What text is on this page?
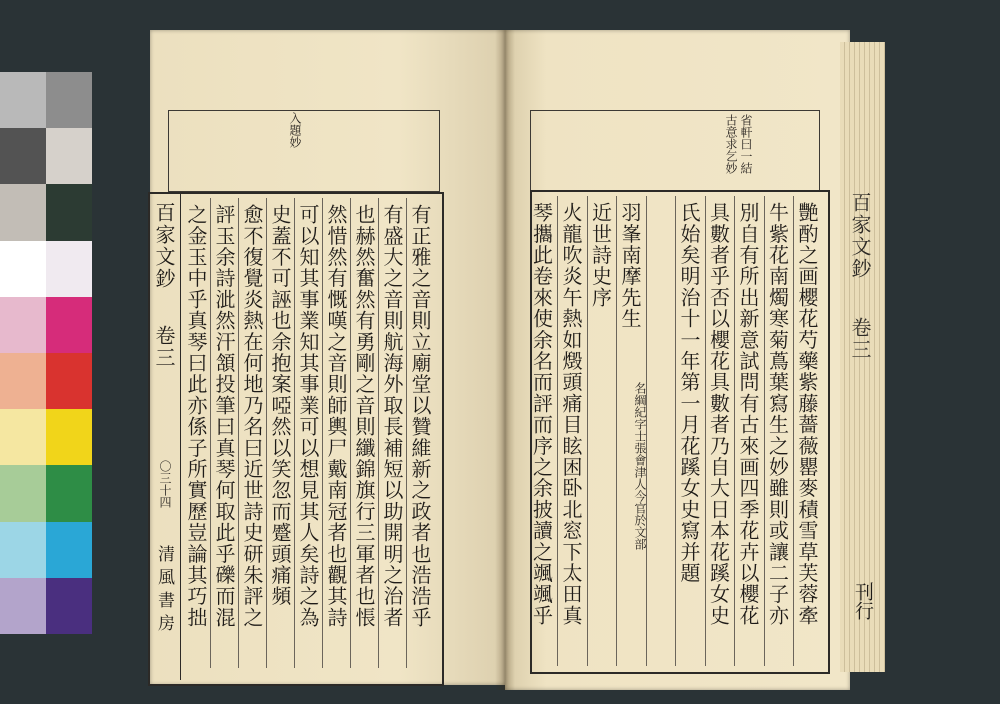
入題妙
百家文鈔
卷三
〇三十四
清風書房	有正雅之音則立廟堂以贊維新之政者也浩浩乎
有盛大之音則航海外取長補短以助開明之治者
也赫然奮然有勇剛之音則纖錦旗行三軍者也悵
然惜然有慨嘆之音則師輿尸戴南冠者也觀其詩
可以知其事業知其事業可以想見其人矣詩之為
史蓋不可誣也余抱案啞然以笑忽而蹙頭痛頻
愈不復覺炎熱在何地乃名曰近世詩史研朱評之
評玉余詩泚然汗頷投筆曰真琴何取此乎礫而混
之金玉中乎真琴曰此亦係子所實歷豈論其巧拙
省軒曰一結古意求乞妙
艷酌之画櫻花芍藥紫藤薔薇罌麥積雪草芙蓉牽
牛紫花南燭寒菊蔦葉寫生之妙雖則或讓二子亦
別自有所出新意試問有古來画四季花卉以櫻花
具數者乎否以櫻花具數者乃自大日本花蹊女史
氏始矣明治十一年第一月花蹊女史寫并題
羽峯南摩先生
近世詩史序
火龍吹炎午熱如燬頭痛目眩困卧北窓下太田真
琴攜此卷來使余名而評而序之余披讀之颯颯乎	名綱紀字士張會津人今官於文部
百家文鈔
卷三
刊行
